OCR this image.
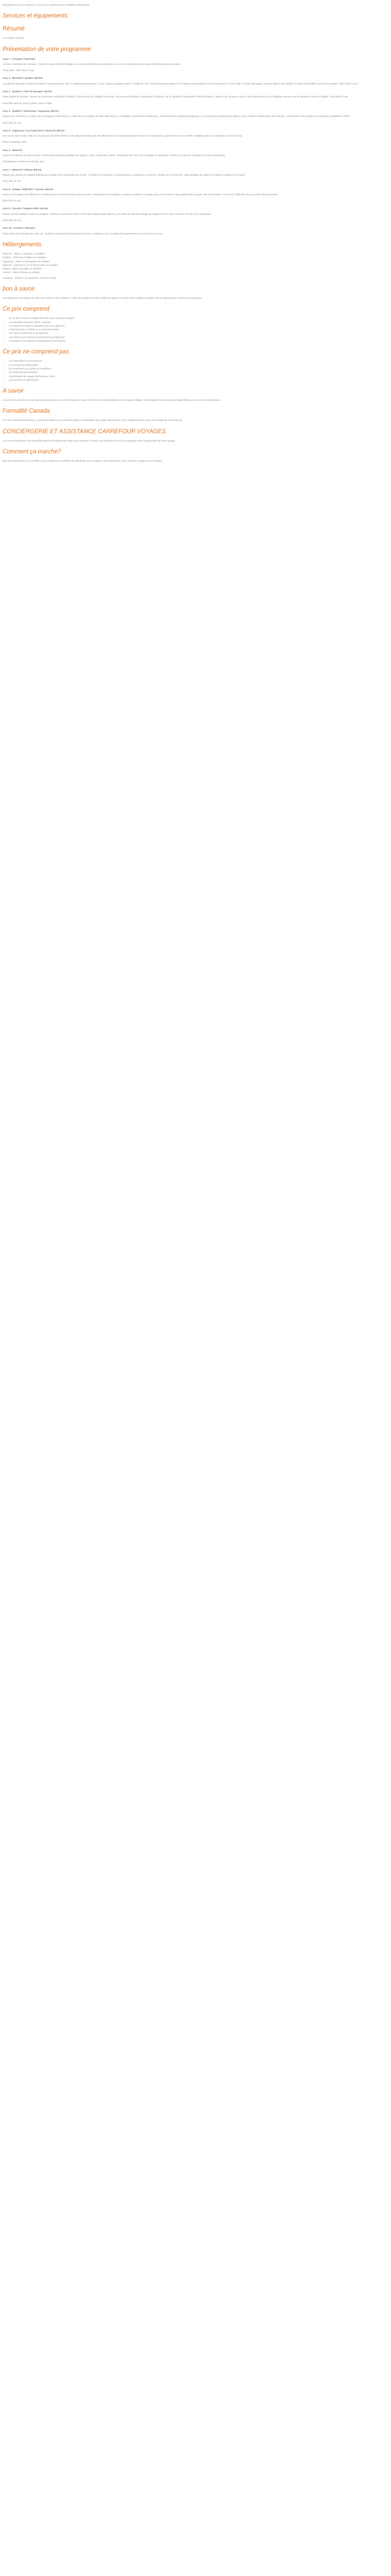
Descriptions Ce prix comprend / Ce prix ne comprend pas Formalités Conciergerie
Services et équipements
Résumé

Un combiné complet

Présentation de votre programme
Jour 1 : Aéroport / Montréal

Arrivée et transport de l'Aéroport. Transfert à votre hôtel et installation. La ville de Montréal est construite sur une île et représente la seconde ville francophone du monde.

Temps libre, dîner libre et nuit.

Jour 2 : Montréal / Québec 250 km

La visite de Montréal commencera dans le Vieux-Montréal, avec la basilique Notre-Dame, le port, la place Jacques-Cartier et l'hôtel de ville. Vous découvrirez également le Plateau Mont-Royal et ses rues animées, le centre-ville et le parc olympique. Ensuite, départ vers Québec, la seule ville fortifiée au nord du Mexique. Dîner libre et nuit.

Jour 3 : Québec / Côte de Beaupré 120 km

Visite guidée de Québec, classée au patrimoine mondial de l'UNESCO. Découverte du Château Frontenac, de la terrasse Dufferin, des plaines d'Abraham, de la Citadelle et du quartier Petit-Champlain. L'après-midi, excursion vers la chute Montmorency et la basilique Sainte-Anne-de-Beaupré. Retour à Québec, dîner libre et nuit.

Dîner libre dans la Vieux-Québec. Nuit à l'hôtel.

Jour 4 : Québec / Tadoussac / Saguenay 320 km

Départ pour Charlevoix, la région des montagnes et des fleuves. Arrêts dans les villages de Baie-Saint-Paul et La Malbaie. Poursuite vers Tadoussac, à l'embouchure du fjord du Saguenay, où vous pourrez participer (en option) à une croisière d'observation des baleines. Continuation vers la région du Saguenay, installation à l'hôtel.

Dîner libre et nuit.

Jour 5 : Saguenay / Lac-Saint-Jean / Mauricie 380 km

Tour du lac Saint-Jean, visite du zoo sauvage de Saint-Félicien et du village historique de Val-Jalbert avec sa chute spectaculaire. Route vers la Mauricie, pays des lacs et des forêts. Installation dans une auberge au bord d'un lac.

Dîner à l'auberge. Nuit.

Jour 6 : Mauricie

Journée de détente en pleine nature. Nombreuses activités possibles (en option) : canot, randonnée, pêche, observation de l'ours noir ou balade en hydravion. Profitez du calme de l'auberge et de ses installations.

Petit-déjeuner et dîner à l'auberge. Nuit.

Jour 7 : Mauricie / Ottawa 350 km

Départ pour Ottawa, la capitale fédérale du Canada. Tour d'orientation de la ville : la colline du Parlement, le canal Rideau, la résidence du premier ministre et le marché By. Visite possible (en option) du Musée canadien de l'Histoire.

Dîner libre et nuit.

Jour 8 : Ottawa / Mille-Îles / Toronto 450 km

Route vers la région des Mille-Îles et croisière parmi ces îles du fleuve Saint-Laurent. Continuation vers Kingston, ancienne capitale du Canada, puis vers Toronto, la plus grande ville du pays. Tour d'orientation : la tour CN, l'hôtel de ville, le quartier des spectacles.

Dîner libre et nuit.

Jour 9 : Toronto / Niagara Falls 130 km

Départ vers les célèbres chutes du Niagara. Croisière au pied des chutes à bord d'un bateau (selon saison), puis visite du charmant village de Niagara-on-the-Lake. Retour à Toronto en fin de journée.

Dîner libre et nuit.

Jour 10 : Toronto / Aéroport

Temps libre selon l'horaire de votre vol. Transfert à l'aéroport international de Toronto. Assistance aux formalités d'enregistrement et envol vers la France.

Hébergements

Montréal : Hôtel Le Dauphin ou similaire

Québec : Hôtel Royal William ou similaire

Saguenay : Hôtel Le Montagnais ou similaire

Mauricie : Auberge du Lac-à-l'Eau-Claire ou similaire

Ottawa : Hôtel Lord Elgin ou similaire

Toronto : Hôtel Chelsea ou similaire

Catégorie : hôtels 3* ou équivalent, normes locales.

bon à savoir

Les distances et les temps de route sont donnés à titre indicatif. L'ordre des visites peut être modifié sur place en fonction des conditions locales, tout en respectant le contenu du programme.

Ce prix comprend
• Le vol aller / retour au départ de Paris, taxes aéroport incluses
• Les transferts aéroport / hôtel / aéroport
• Le transport en autocar climatisé selon le programme
• L'hébergement en hôtels 3* en chambre double
• Les repas mentionnés au programme
• Les visites et excursions mentionnées au programme
• L'assistance d'un guide accompagnateur francophone
Ce prix ne comprend pas
• Les repas libres et les boissons
• Les excursions optionnelles
• Les pourboires aux guides et chauffeurs
• Les dépenses personnelles
• L'autorisation de voyage électronique (AVE)
• Les assurances optionnelles
A savoir

Les prix sont calculés sur une base de deux personnes. Les tarifs peuvent varier en fonction de la disponibilité et de la date de départ. Tarifs indiqués sous réserve de disponibilité au moment de la réservation.

Formalité Canada

Pour les ressortissants français : passeport valide pour la durée du séjour et autorisation de voyage électronique (AVE) obligatoire pour entrer au Canada par voie aérienne.

CONCIERGERIE ET ASSISTANCE CARREFOUR VOYAGES

Un service d'assistance est disponible avant et pendant votre séjour pour répondre à toutes vos questions et vous accompagner dans l'organisation de votre voyage.

Comment ça marche?

Dès votre réservation, un conseiller vous contacte pour confirmer les détails de votre voyage et vous transmettre votre carnet de voyage avant le départ.
